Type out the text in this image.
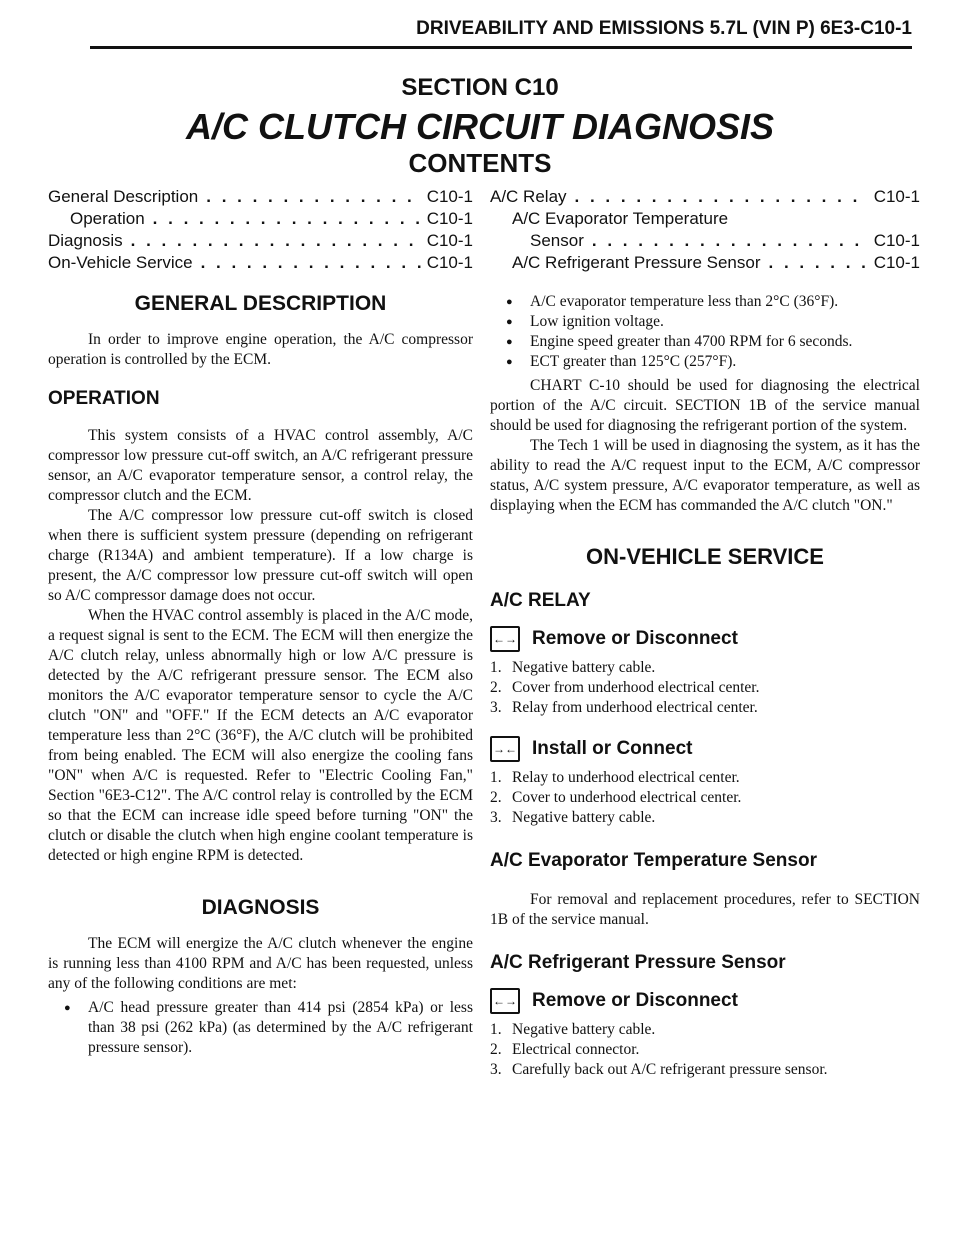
DRIVEABILITY AND EMISSIONS 5.7L (VIN P) 6E3-C10-1
SECTION C10
A/C CLUTCH CIRCUIT DIAGNOSIS
CONTENTS
General Description . . .	C10-1
Operation . . .	C10-1
Diagnosis . . .	C10-1
On-Vehicle Service . . .	C10-1
GENERAL DESCRIPTION

In order to improve engine operation, the A/C compressor operation is controlled by the ECM.

OPERATION

This system consists of a HVAC control assembly, A/C compressor low pressure cut-off switch, an A/C refrigerant pressure sensor, an A/C evaporator temperature sensor, a control relay, the compressor clutch and the ECM.

The A/C compressor low pressure cut-off switch is closed when there is sufficient system pressure (depending on refrigerant charge (R134A) and ambient temperature). If a low charge is present, the A/C compressor low pressure cut-off switch will open so A/C compressor damage does not occur.

When the HVAC control assembly is placed in the A/C mode, a request signal is sent to the ECM. The ECM will then energize the A/C clutch relay, unless abnormally high or low A/C pressure is detected by the A/C refrigerant pressure sensor. The ECM also monitors the A/C evaporator temperature sensor to cycle the A/C clutch "ON" and "OFF." If the ECM detects an A/C evaporator temperature less than 2°C (36°F), the A/C clutch will be prohibited from being enabled. The ECM will also energize the cooling fans "ON" when A/C is requested. Refer to "Electric Cooling Fan," Section "6E3-C12". The A/C control relay is controlled by the ECM so that the ECM can increase idle speed before turning "ON" the clutch or disable the clutch when high engine coolant temperature is detected or high engine RPM is detected.

DIAGNOSIS

The ECM will energize the A/C clutch whenever the engine is running less than 4100 RPM and A/C has been requested, unless any of the following conditions are met:

● A/C head pressure greater than 414 psi (2854 kPa) or less than 38 psi (262 kPa) (as determined by the A/C refrigerant pressure sensor).
A/C Relay . . .	C10-1
A/C Evaporator Temperature
Sensor . . .	C10-1
A/C Refrigerant Pressure Sensor . . .	C10-1
● A/C evaporator temperature less than 2°C (36°F).
● Low ignition voltage.
● Engine speed greater than 4700 RPM for 6 seconds.
● ECT greater than 125°C (257°F).

CHART C-10 should be used for diagnosing the electrical portion of the A/C circuit. SECTION 1B of the service manual should be used for diagnosing the refrigerant portion of the system.

The Tech 1 will be used in diagnosing the system, as it has the ability to read the A/C request input to the ECM, A/C compressor status, A/C system pressure, A/C evaporator temperature, as well as displaying when the ECM has commanded the A/C clutch "ON."

ON-VEHICLE SERVICE
A/C RELAY
←→ Remove or Disconnect
1. Negative battery cable.
2. Cover from underhood electrical center.
3. Relay from underhood electrical center.
→← Install or Connect
1. Relay to underhood electrical center.
2. Cover to underhood electrical center.
3. Negative battery cable.
A/C Evaporator Temperature Sensor

For removal and replacement procedures, refer to SECTION 1B of the service manual.

A/C Refrigerant Pressure Sensor
←→ Remove or Disconnect
1. Negative battery cable.
2. Electrical connector.
3. Carefully back out A/C refrigerant pressure sensor.
